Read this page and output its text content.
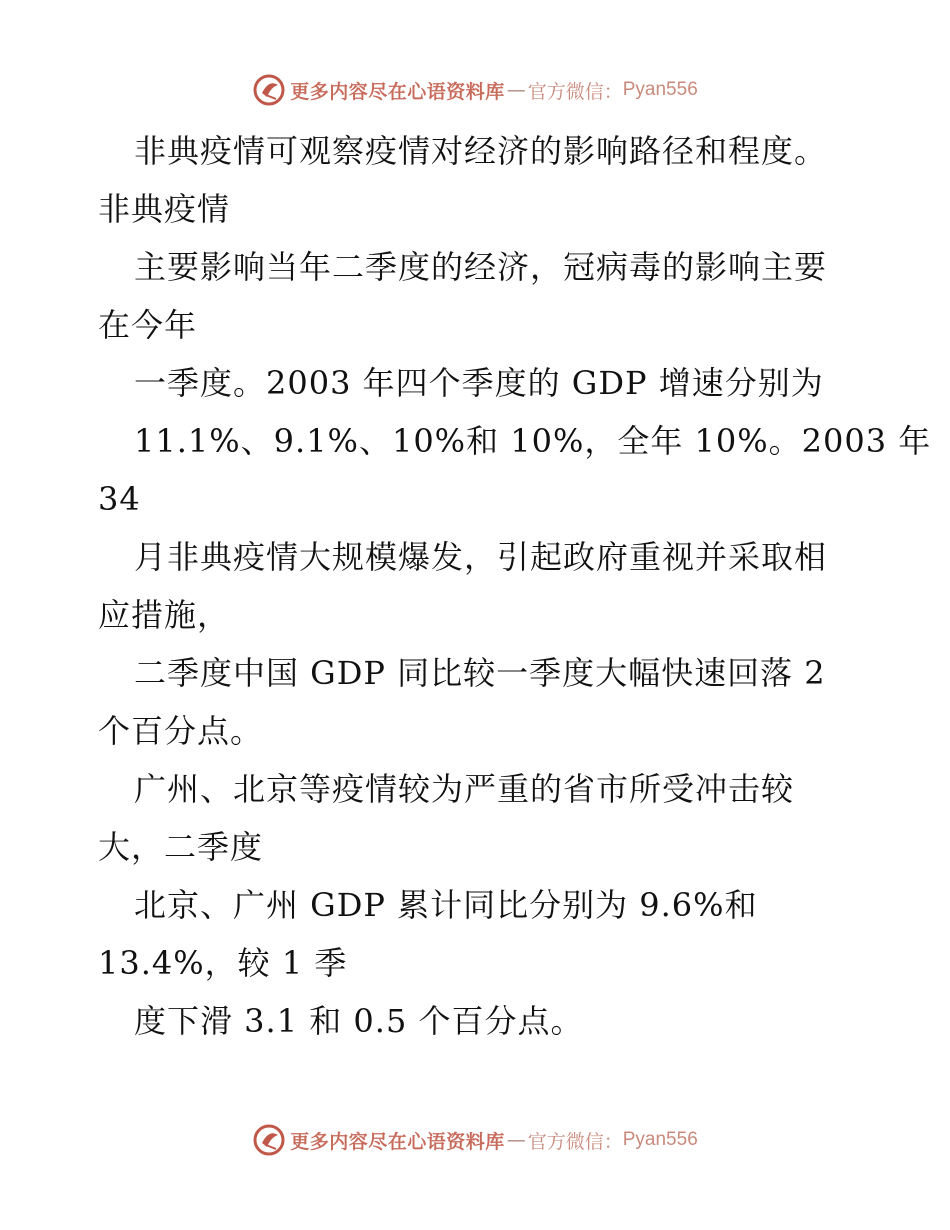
更多内容尽在心语资料库 — 官方微信： Pyan556
非典疫情可观察疫情对经济的影响路径和程度。
非典疫情
主要影响当年二季度的经济，冠病毒的影响主要
在今年
一季度。2003 年四个季度的 GDP 增速分别为
11.1%、9.1%、10%和 10%，全年 10%。2003 年
34
月非典疫情大规模爆发，引起政府重视并采取相
应措施，
二季度中国 GDP 同比较一季度大幅快速回落 2
个百分点。
广州、北京等疫情较为严重的省市所受冲击较
大，二季度
北京、广州 GDP 累计同比分别为 9.6%和
13.4%，较 1 季
度下滑 3.1 和 0.5 个百分点。
更多内容尽在心语资料库 — 官方微信： Pyan556
